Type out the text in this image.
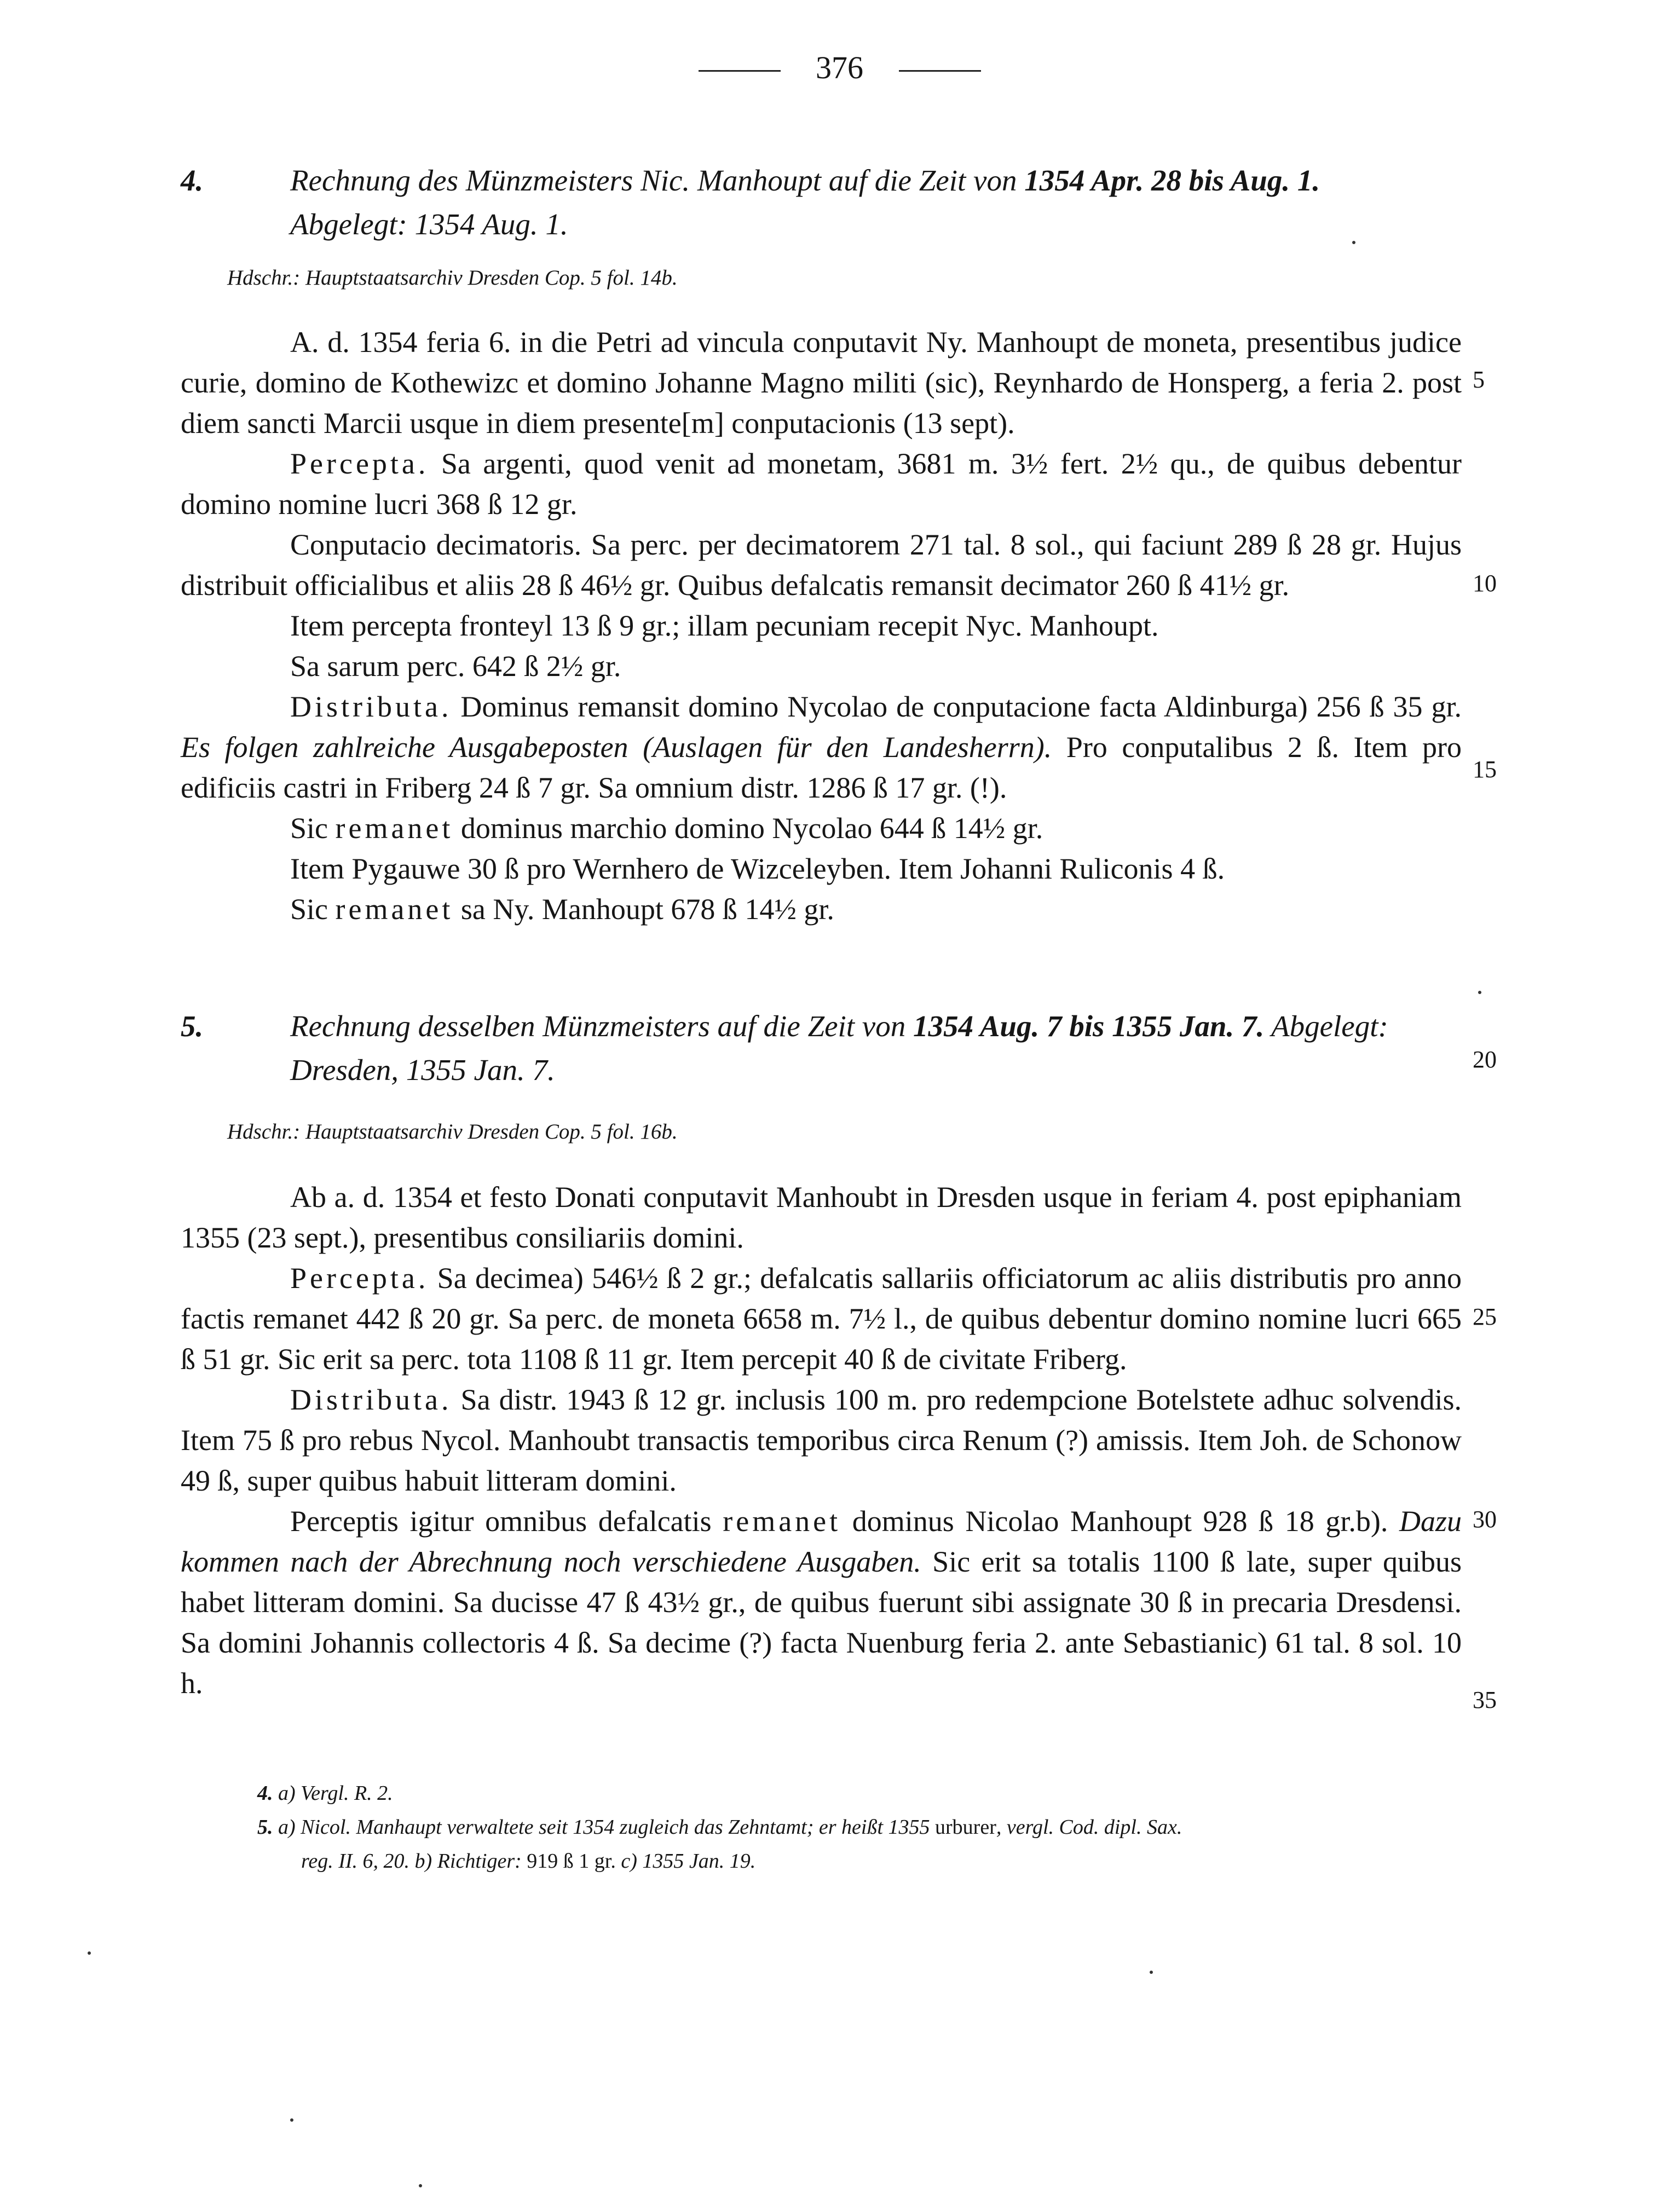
376
4.	Rechnung des Münzmeisters Nic. Manhoupt auf die Zeit von 1354 Apr. 28 bis Aug. 1.
Abgelegt: 1354 Aug. 1.
Hdschr.: Hauptstaatsarchiv Dresden Cop. 5 fol. 14b.

A. d. 1354 feria 6. in die Petri ad vincula conputavit Ny. Manhoupt de moneta, presentibus judice curie, domino de Kothewizc et domino Johanne Magno militi (sic), Reynhardo de Honsperg, a feria 2. post diem sancti Marcii usque in diem presente[m] conputacionis (13 sept).

Percepta. Sa argenti, quod venit ad monetam, 3681 m. 3½ fert. 2½ qu., de quibus debentur domino nomine lucri 368 ß 12 gr.

Conputacio decimatoris. Sa perc. per decimatorem 271 tal. 8 sol., qui faciunt 289 ß 28 gr. Hujus distribuit officialibus et aliis 28 ß 46½ gr. Quibus defalcatis remansit decimator 260 ß 41½ gr.

Item percepta fronteyl 13 ß 9 gr.; illam pecuniam recepit Nyc. Manhoupt.

Sa sarum perc. 642 ß 2½ gr.

Distributa. Dominus remansit domino Nycolao de conputacione facta Aldinburga) 256 ß 35 gr. Es folgen zahlreiche Ausgabeposten (Auslagen für den Landesherrn). Pro conputalibus 2 ß. Item pro edificiis castri in Friberg 24 ß 7 gr. Sa omnium distr. 1286 ß 17 gr. (!).

Sic remanet dominus marchio domino Nycolao 644 ß 14½ gr.

Item Pygauwe 30 ß pro Wernhero de Wizceleyben. Item Johanni Ruliconis 4 ß.

Sic remanet sa Ny. Manhoupt 678 ß 14½ gr.

5.	Rechnung desselben Münzmeisters auf die Zeit von 1354 Aug. 7 bis 1355 Jan. 7. Abgelegt:
Dresden, 1355 Jan. 7.
Hdschr.: Hauptstaatsarchiv Dresden Cop. 5 fol. 16b.

Ab a. d. 1354 et festo Donati conputavit Manhoubt in Dresden usque in feriam 4. post epiphaniam 1355 (23 sept.), presentibus consiliariis domini.

Percepta. Sa decimea) 546½ ß 2 gr.; defalcatis sallariis officiatorum ac aliis distributis pro anno factis remanet 442 ß 20 gr. Sa perc. de moneta 6658 m. 7½ l., de quibus debentur domino nomine lucri 665 ß 51 gr. Sic erit sa perc. tota 1108 ß 11 gr. Item percepit 40 ß de civitate Friberg.

Distributa. Sa distr. 1943 ß 12 gr. inclusis 100 m. pro redempcione Botelstete adhuc solvendis. Item 75 ß pro rebus Nycol. Manhoubt transactis temporibus circa Renum (?) amissis. Item Joh. de Schonow 49 ß, super quibus habuit litteram domini.

Perceptis igitur omnibus defalcatis remanet dominus Nicolao Manhoupt 928 ß 18 gr.b). Dazu kommen nach der Abrechnung noch verschiedene Ausgaben. Sic erit sa totalis 1100 ß late, super quibus habet litteram domini. Sa ducisse 47 ß 43½ gr., de quibus fuerunt sibi assignate 30 ß in precaria Dresdensi. Sa domini Johannis collectoris 4 ß. Sa decime (?) facta Nuenburg feria 2. ante Sebastianic) 61 tal. 8 sol. 10 h.

5
10
15
20
25
30
35
4. a) Vergl. R. 2.
5. a) Nicol. Manhaupt verwaltete seit 1354 zugleich das Zehntamt; er heißt 1355 urburer, vergl. Cod. dipl. Sax.
reg. II. 6, 20. b) Richtiger: 919 ß 1 gr. c) 1355 Jan. 19.
